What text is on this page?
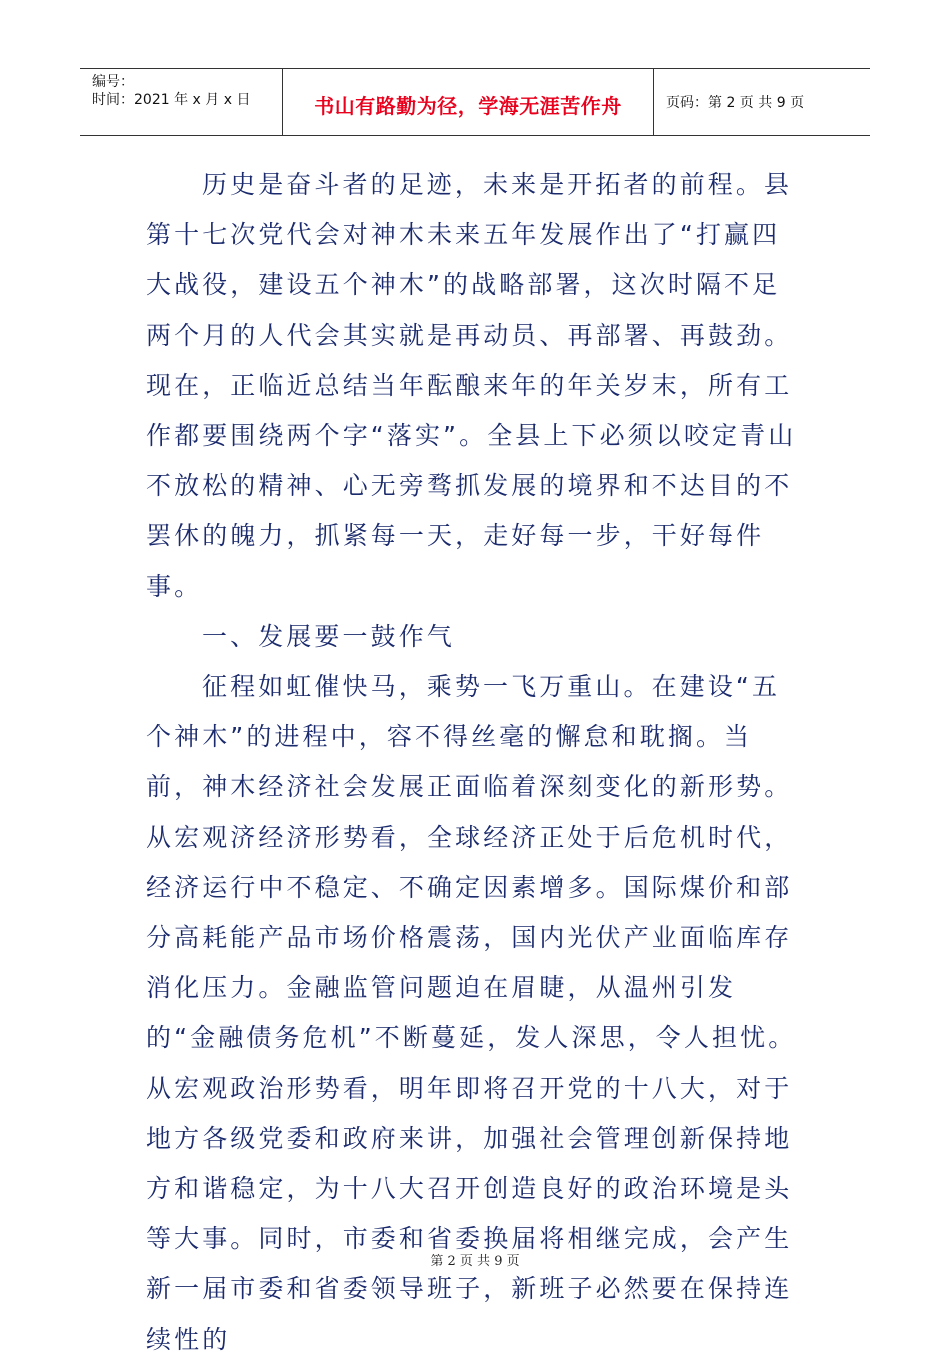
编号：
时间：2021 年 x 月 x 日	书山有路勤为径，学海无涯苦作舟	页码：第 2 页 共 9 页

历史是奋斗者的足迹，未来是开拓者的前程。县第十七次党代会对神木未来五年发展作出了“打赢四大战役，建设五个神木”的战略部署，这次时隔不足两个月的人代会其实就是再动员、再部署、再鼓劲。现在，正临近总结当年酝酿来年的年关岁末，所有工作都要围绕两个字“落实”。全县上下必须以咬定青山不放松的精神、心无旁骛抓发展的境界和不达目的不罢休的魄力，抓紧每一天，走好每一步，干好每件事。

一、发展要一鼓作气

征程如虹催快马，乘势一飞万重山。在建设“五个神木”的进程中，容不得丝毫的懈怠和耽搁。当前，神木经济社会发展正面临着深刻变化的新形势。从宏观济经济形势看，全球经济正处于后危机时代，经济运行中不稳定、不确定因素增多。国际煤价和部分高耗能产品市场价格震荡，国内光伏产业面临库存消化压力。金融监管问题迫在眉睫，从温州引发的“金融债务危机”不断蔓延，发人深思，令人担忧。从宏观政治形势看，明年即将召开党的十八大，对于地方各级党委和政府来讲，加强社会管理创新保持地方和谐稳定，为十八大召开创造良好的政治环境是头等大事。同时，市委和省委换届将相继完成，会产生新一届市委和省委领导班子，新班子必然要在保持连续性的

第 2 页 共 9 页
